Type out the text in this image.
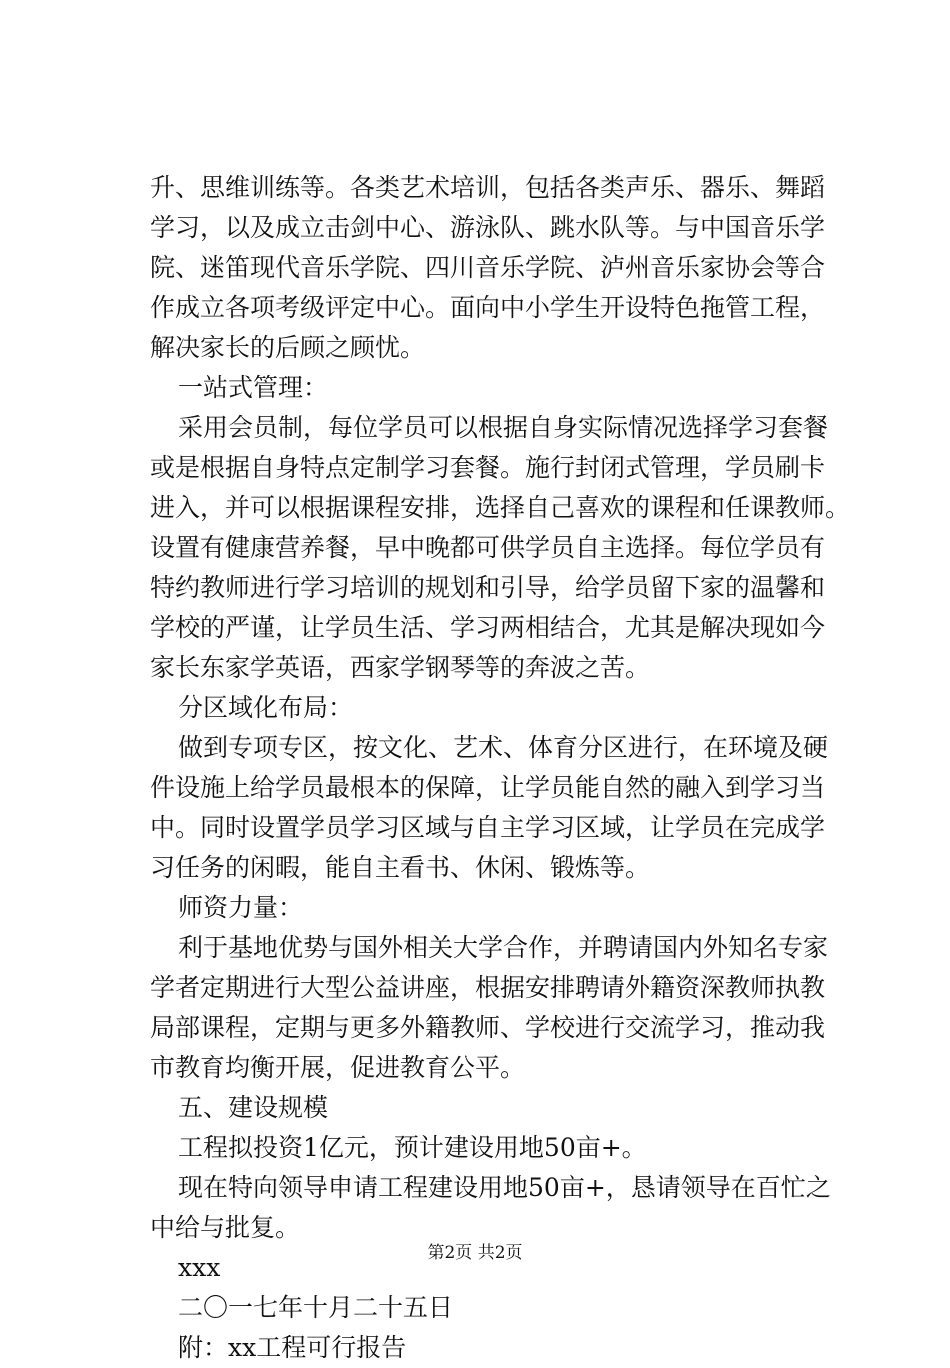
升、思维训练等。各类艺术培训，包括各类声乐、器乐、舞蹈
学习，以及成立击剑中心、游泳队、跳水队等。与中国音乐学
院、迷笛现代音乐学院、四川音乐学院、泸州音乐家协会等合
作成立各项考级评定中心。面向中小学生开设特色拖管工程，
解决家长的后顾之顾忧。
一站式管理：
采用会员制，每位学员可以根据自身实际情况选择学习套餐
或是根据自身特点定制学习套餐。施行封闭式管理，学员刷卡
进入，并可以根据课程安排，选择自己喜欢的课程和任课教师。
设置有健康营养餐，早中晚都可供学员自主选择。每位学员有
特约教师进行学习培训的规划和引导，给学员留下家的温馨和
学校的严谨，让学员生活、学习两相结合，尤其是解决现如今
家长东家学英语，西家学钢琴等的奔波之苦。
分区域化布局：
做到专项专区，按文化、艺术、体育分区进行，在环境及硬
件设施上给学员最根本的保障，让学员能自然的融入到学习当
中。同时设置学员学习区域与自主学习区域，让学员在完成学
习任务的闲暇，能自主看书、休闲、锻炼等。
师资力量：
利于基地优势与国外相关大学合作，并聘请国内外知名专家
学者定期进行大型公益讲座，根据安排聘请外籍资深教师执教
局部课程，定期与更多外籍教师、学校进行交流学习，推动我
市教育均衡开展，促进教育公平。
五、建设规模
工程拟投资1亿元，预计建设用地50亩+。
现在特向领导申请工程建设用地50亩+，恳请领导在百忙之
中给与批复。
xxx
二〇一七年十月二十五日
附：xx工程可行报告
第2页 共2页
